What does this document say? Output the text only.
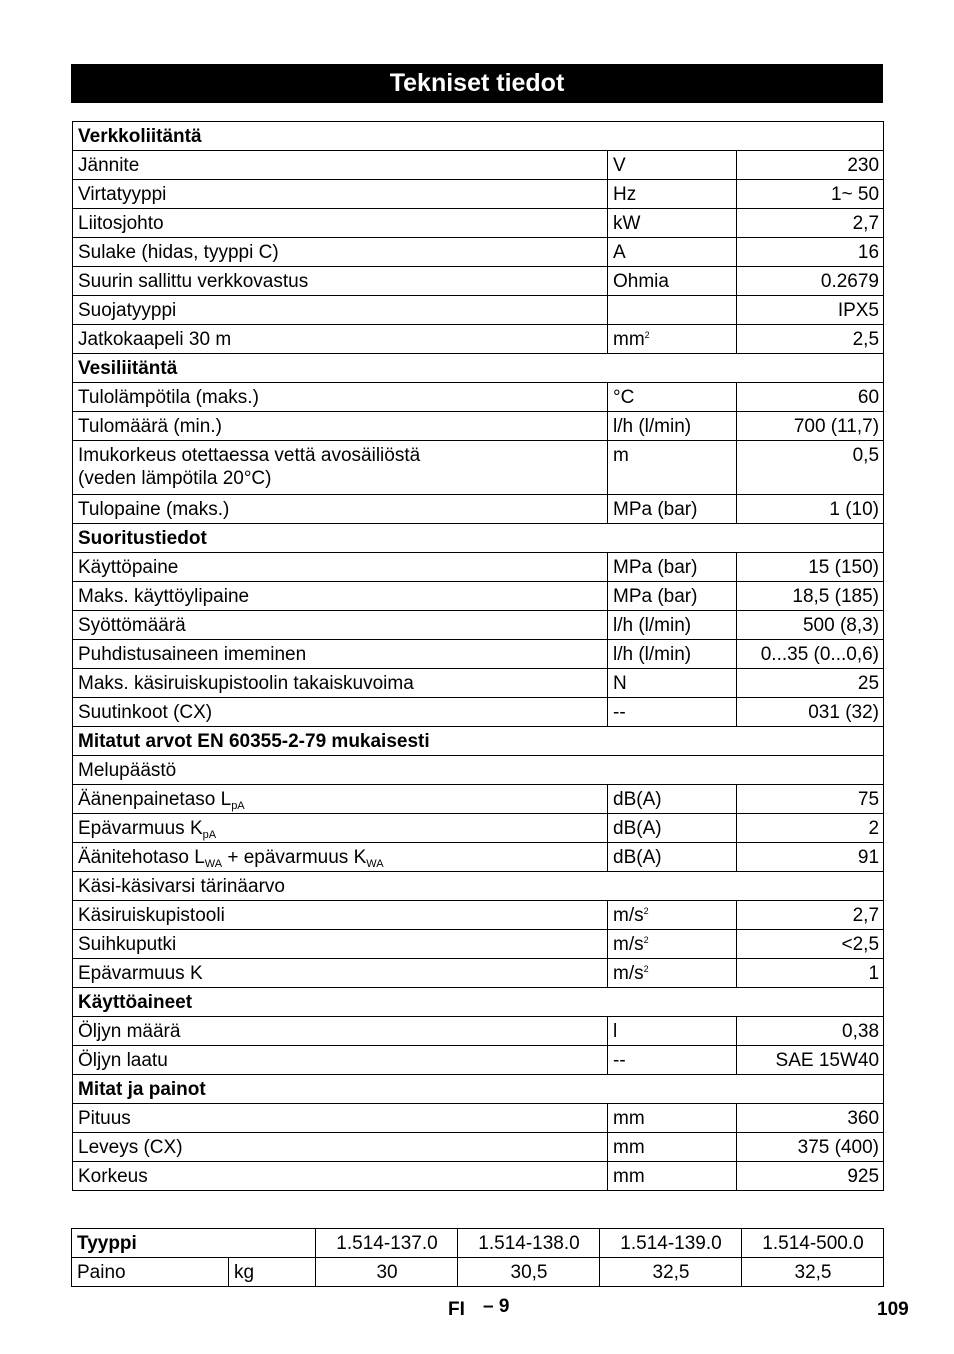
Tekniset tiedot
Verkkoliitäntä		
Jännite	V	230
Virtatyyppi	Hz	1~ 50
Liitosjohto	kW	2,7
Sulake (hidas, tyyppi C)	A	16
Suurin sallittu verkkovastus	Ohmia	0.2679
Suojatyyppi		IPX5
Jatkokaapeli 30 m	$mm^2$	2,5
Vesiliitäntä		
Tulolämpötila (maks.)	°C	60
Tulomäärä (min.)	l/h (l/min)	700 (11,7)
Imukorkeus otettaessa vettä avosäiliöstä
(veden lämpötila 20°C)	m	0,5
Tulopaine (maks.)	MPa (bar)	1 (10)
Suoritustiedot		
Käyttöpaine	MPa (bar)	15 (150)
Maks. käyttöylipaine	MPa (bar)	18,5 (185)
Syöttömäärä	l/h (l/min)	500 (8,3)
Puhdistusaineen imeminen	l/h (l/min)	0...35 (0...0,6)
Maks. käsiruiskupistoolin takaiskuvoima	N	25
Suutinkoot (CX)	--	031 (32)
Mitatut arvot EN 60355-2-79 mukaisesti		
Melupäästö		
Äänenpainetaso $L_{pA}$	dB(A)	75
Epävarmuus $K_{pA}$	dB(A)	2
Äänitehotaso $L_{WA}$ + epävarmuus $K_{WA}$	dB(A)	91
Käsi-käsivarsi tärinäarvo		
Käsiruiskupistooli	$m/s^2$	2,7
Suihkuputki	$m/s^2$	<2,5
Epävarmuus K	$m/s^2$	1
Käyttöaineet		
Öljyn määrä	l	0,38
Öljyn laatu	--	SAE 15W40
Mitat ja painot		
Pituus	mm	360
Leveys (CX)	mm	375 (400)
Korkeus	mm	925
Tyyppi		1.514-137.0	1.514-138.0	1.514-139.0	1.514-500.0
Paino	kg	30	30,5	32,5	32,5
FI – 9	109
